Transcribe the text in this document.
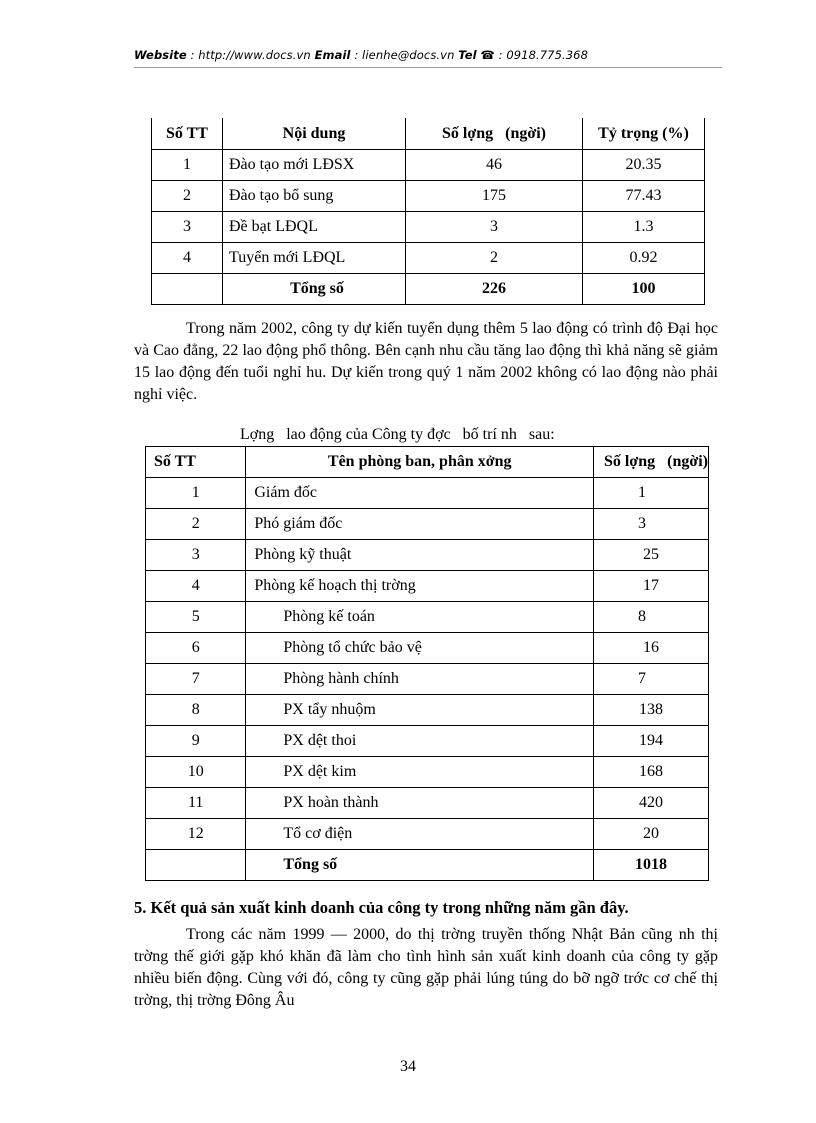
Website : http://www.docs.vn Email : lienhe@docs.vn Tel ☎ : 0918.775.368
Số TT	Nội dung	Số lợng   (ngời)	Tỷ trọng (%)
1	Đào tạo mới LĐSX	46	20.35
2	Đào tạo bổ sung	175	77.43
3	Đề bạt LĐQL	3	1.3
4	Tuyển mới LĐQL	2	0.92
	Tổng số	226	100
Trong năm 2002, công ty dự kiến tuyển dụng thêm 5 lao động có trình độ Đại học và Cao đẳng, 22 lao động phổ thông. Bên cạnh nhu cầu tăng lao động thì khả năng sẽ giảm 15 lao động đến tuổi nghỉ hu. Dự kiến trong quý 1 năm 2002 không có lao động nào phải nghỉ việc.
Lợng   lao động của Công ty đợc   bố trí nh   sau:
Số TT	Tên phòng ban, phân xởng	Số lợng   (ngời)
1	Giám đốc	1
2	Phó giám đốc	3
3	Phòng kỹ thuật	25
4	Phòng kế hoạch thị trờng	17
5	Phòng kế toán	8
6	Phòng tổ chức bảo vệ	16
7	Phòng hành chính	7
8	PX tẩy nhuộm	138
9	PX dệt thoi	194
10	PX dệt kim	168
11	PX hoàn thành	420
12	Tổ cơ điện	20
	Tổng số	1018
5. Kết quả sản xuất kinh doanh của công ty trong những năm gần đây.
Trong các năm 1999 — 2000, do thị trờng truyền thống Nhật Bản cũng nh thị trờng thế giới gặp khó khăn đã làm cho tình hình sản xuất kinh doanh của công ty gặp nhiều biến động. Cùng với đó, công ty cũng gặp phải lúng túng do bỡ ngỡ trớc cơ chế thị trờng, thị trờng Đông Âu
34
